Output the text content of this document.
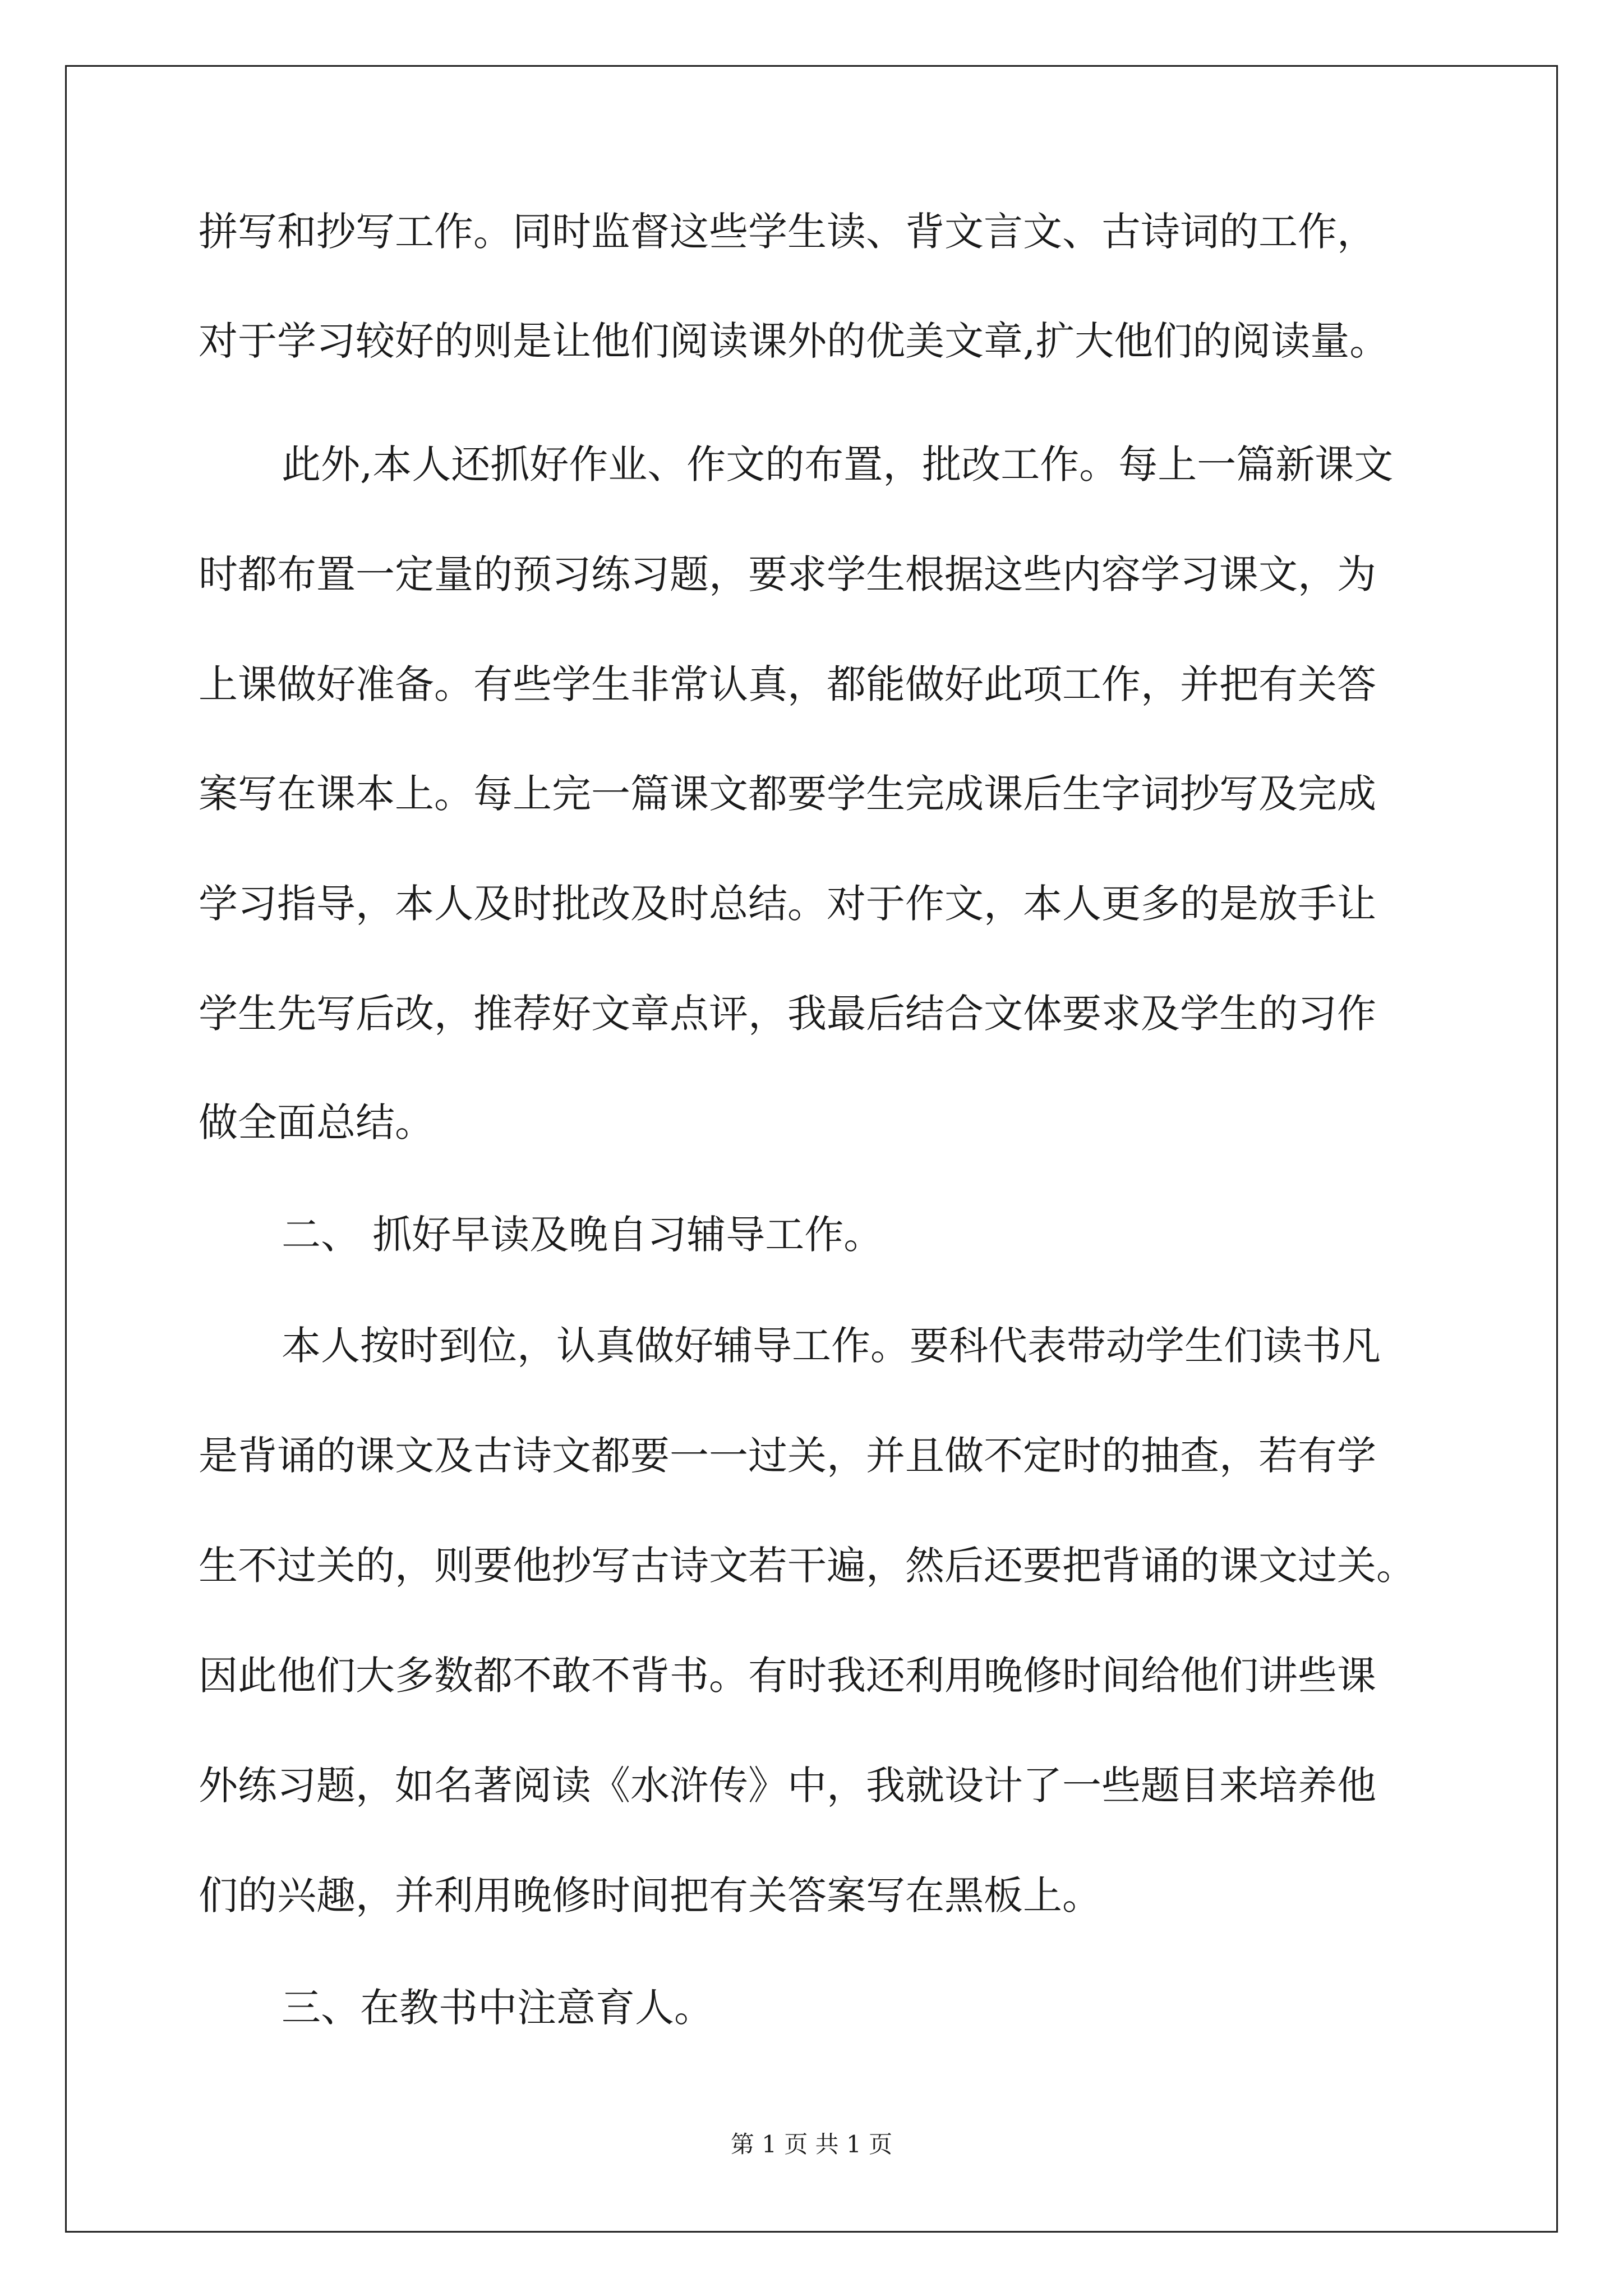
拼写和抄写工作。同时监督这些学生读、背文言文、古诗词的工作，
对于学习较好的则是让他们阅读课外的优美文章,扩大他们的阅读量。
此外,本人还抓好作业、作文的布置，批改工作。每上一篇新课文
时都布置一定量的预习练习题，要求学生根据这些内容学习课文，为
上课做好准备。有些学生非常认真，都能做好此项工作，并把有关答
案写在课本上。每上完一篇课文都要学生完成课后生字词抄写及完成
学习指导，本人及时批改及时总结。对于作文，本人更多的是放手让
学生先写后改，推荐好文章点评，我最后结合文体要求及学生的习作
做全面总结。
二、 抓好早读及晚自习辅导工作。
本人按时到位，认真做好辅导工作。要科代表带动学生们读书凡
是背诵的课文及古诗文都要一一过关，并且做不定时的抽查，若有学
生不过关的，则要他抄写古诗文若干遍，然后还要把背诵的课文过关。
因此他们大多数都不敢不背书。有时我还利用晚修时间给他们讲些课
外练习题，如名著阅读《水浒传》中，我就设计了一些题目来培养他
们的兴趣，并利用晚修时间把有关答案写在黑板上。
三、在教书中注意育人。
第 1 页 共 1 页
